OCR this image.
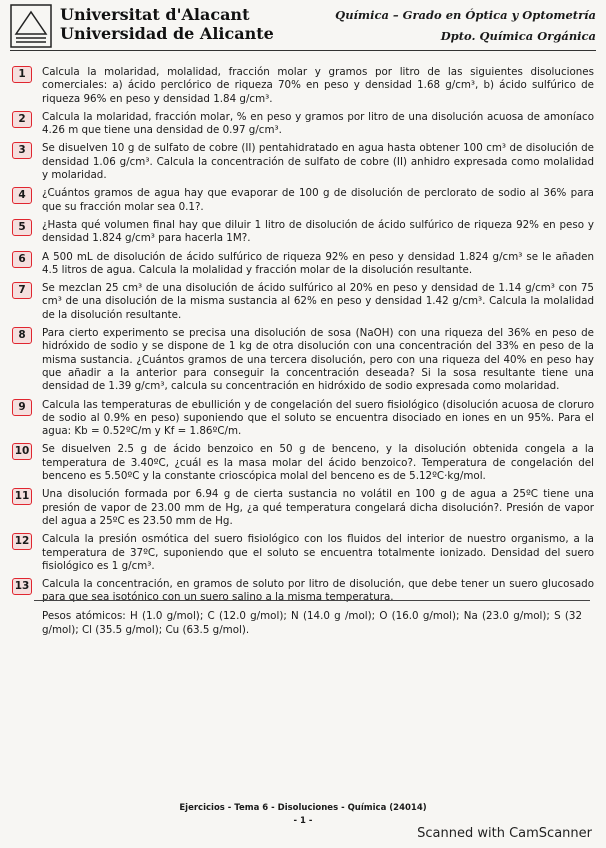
Universitat d'Alacant
Universidad de Alicante
Química – Grado en Óptica y Optometría
Dpto. Química Orgánica
1	Calcula la molaridad, molalidad, fracción molar y gramos por litro de las siguientes disoluciones comerciales: a) ácido perclórico de riqueza 70% en peso y densidad 1.68 g/cm³, b) ácido sulfúrico de riqueza 96% en peso y densidad 1.84 g/cm³.
2	Calcula la molaridad, fracción molar, % en peso y gramos por litro de una disolución acuosa de amoníaco 4.26 m que tiene una densidad de 0.97 g/cm³.
3	Se disuelven 10 g de sulfato de cobre (II) pentahidratado en agua hasta obtener 100 cm³ de disolución de densidad 1.06 g/cm³. Calcula la concentración de sulfato de cobre (II) anhidro expresada como molalidad y molaridad.
4	¿Cuántos gramos de agua hay que evaporar de 100 g de disolución de perclorato de sodio al 36% para que su fracción molar sea 0.1?.
5	¿Hasta qué volumen final hay que diluir 1 litro de disolución de ácido sulfúrico de riqueza 92% en peso y densidad 1.824 g/cm³ para hacerla 1M?.
6	A 500 mL de disolución de ácido sulfúrico de riqueza 92% en peso y densidad 1.824 g/cm³ se le añaden 4.5 litros de agua. Calcula la molalidad y fracción molar de la disolución resultante.
7	Se mezclan 25 cm³ de una disolución de ácido sulfúrico al 20% en peso y densidad de 1.14 g/cm³ con 75 cm³ de una disolución de la misma sustancia al 62% en peso y densidad 1.42 g/cm³. Calcula la molalidad de la disolución resultante.
8	Para cierto experimento se precisa una disolución de sosa (NaOH) con una riqueza del 36% en peso de hidróxido de sodio y se dispone de 1 kg de otra disolución con una concentración del 33% en peso de la misma sustancia. ¿Cuántos gramos de una tercera disolución, pero con una riqueza del 40% en peso hay que añadir a la anterior para conseguir la concentración deseada? Si la sosa resultante tiene una densidad de 1.39 g/cm³, calcula su concentración en hidróxido de sodio expresada como molaridad.
9	Calcula las temperaturas de ebullición y de congelación del suero fisiológico (disolución acuosa de cloruro de sodio al 0.9% en peso) suponiendo que el soluto se encuentra disociado en iones en un 95%. Para el agua: Kb = 0.52ºC/m y Kf = 1.86ºC/m.
10 Se disuelven 2.5 g de ácido benzoico en 50 g de benceno, y la disolución obtenida congela a la temperatura de 3.40ºC, ¿cuál es la masa molar del ácido benzoico?. Temperatura de congelación del benceno es 5.50ºC y la constante crioscópica molal del benceno es de 5.12ºC·kg/mol.
11 Una disolución formada por 6.94 g de cierta sustancia no volátil en 100 g de agua a 25ºC tiene una presión de vapor de 23.00 mm de Hg, ¿a qué temperatura congelará dicha disolución?. Presión de vapor del agua a 25ºC es 23.50 mm de Hg.
12 Calcula la presión osmótica del suero fisiológico con los fluidos del interior de nuestro organismo, a la temperatura de 37ºC, suponiendo que el soluto se encuentra totalmente ionizado. Densidad del suero fisiológico es 1 g/cm³.
13 Calcula la concentración, en gramos de soluto por litro de disolución, que debe tener un suero glucosado para que sea isotónico con un suero salino a la misma temperatura.
Pesos atómicos: H (1.0 g/mol); C (12.0 g/mol); N (14.0 g /mol); O (16.0 g/mol); Na (23.0 g/mol); S (32 g/mol); Cl (35.5 g/mol); Cu (63.5 g/mol).
Ejercicios - Tema 6 - Disoluciones - Química (24014)
- 1 -
Scanned with CamScanner
